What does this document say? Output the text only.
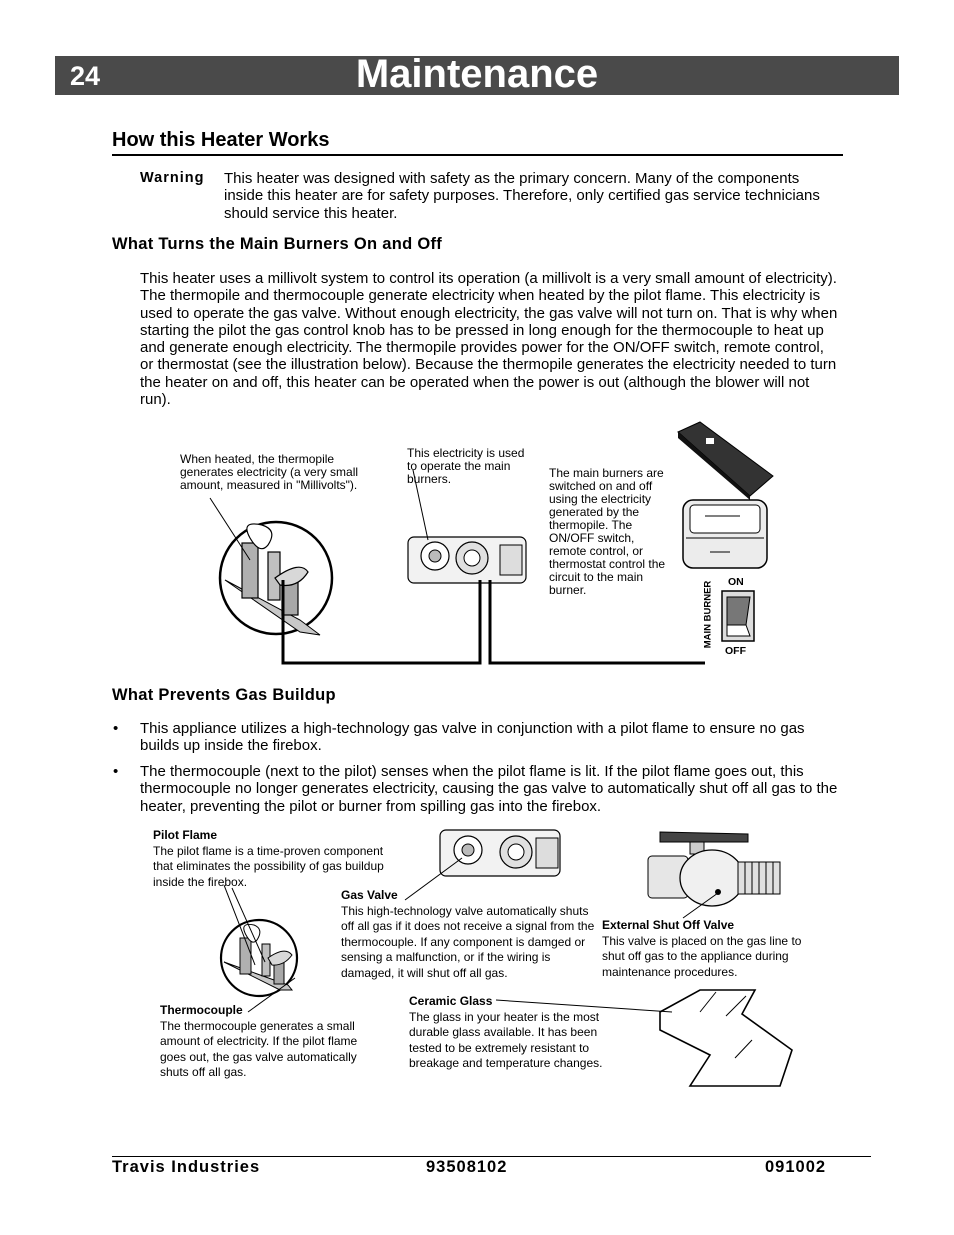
24	Maintenance
How this Heater Works
Warning This heater was designed with safety as the primary concern. Many of the components inside this heater are for safety purposes. Therefore, only certified gas service technicians should service this heater.
What Turns the Main Burners On and Off
This heater uses a millivolt system to control its operation (a millivolt is a very small amount of electricity). The thermopile and thermocouple generate electricity when heated by the pilot flame. This electricity is used to operate the gas valve. Without enough electricity, the gas valve will not turn on. That is why when starting the pilot the gas control knob has to be pressed in long enough for the thermocouple to heat up and generate enough electricity. The thermopile provides power for the ON/OFF switch, remote control, or thermostat (see the illustration below). Because the thermopile generates the electricity needed to turn the heater on and off, this heater can be operated when the power is out (although the blower will not run).
When heated, the thermopile generates electricity (a very small amount, measured in "Millivolts").
This electricity is used to operate the main burners.	The main burners are switched on and off using the electricity generated by the thermopile. The ON/OFF switch, remote control, or thermostat control the circuit to the main burner.
ON
OFF
MAIN BURNER
What Prevents Gas Buildup
• This appliance utilizes a high-technology gas valve in conjunction with a pilot flame to ensure no gas builds up inside the firebox.
• The thermocouple (next to the pilot) senses when the pilot flame is lit. If the pilot flame goes out, this thermocouple no longer generates electricity, causing the gas valve to automatically shut off all gas to the heater, preventing the pilot or burner from spilling gas into the firebox.
Pilot Flame
The pilot flame is a time-proven component that eliminates the possibility of gas buildup inside the firebox.
Gas Valve
This high-technology valve automatically shuts off all gas if it does not receive a signal from the thermocouple. If any component is damged or sensing a malfunction, or if the wiring is damaged, it will shut off all gas.
External Shut Off Valve
This valve is placed on the gas line to shut off gas to the appliance during maintenance procedures.
Thermocouple
The thermocouple generates a small amount of electricity. If the pilot flame goes out, the gas valve automatically shuts off all gas.
Ceramic Glass
The glass in your heater is the most durable glass available. It has been tested to be extremely resistant to breakage and temperature changes.
Travis Industries	93508102	091002
